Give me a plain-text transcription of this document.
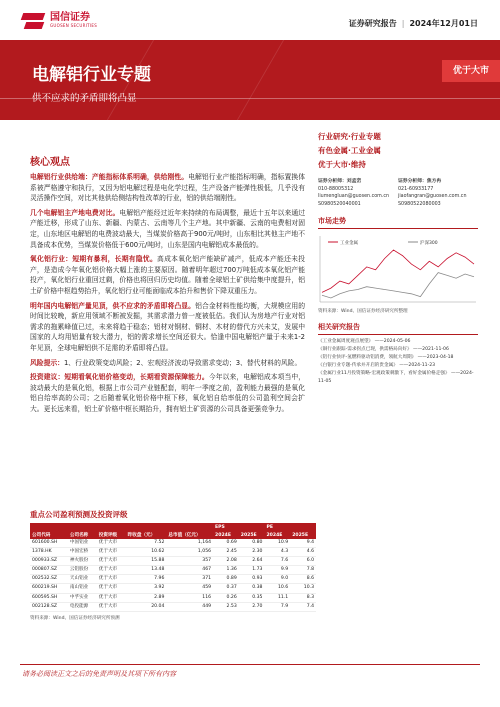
国信证券
GUOSEN SECURITIES	证券研究报告 | 2024年12月01日
电解铝行业专题
供不应求的矛盾即将凸显
优于大市
核心观点

电解铝行业供给端：产能指标体系明确，供给刚性。电解铝行业产能指标明确，指标置换体系被严格遵守和执行，又因为铝电解过程是电化学过程，生产设备产能弹性极低，几乎没有灵活操作空间，对比其他供给侧结构性改革的行业，铝的供给端刚性。

几个电解铝主产地电费对比。电解铝产能经过近年来持续的布局调整，最近十五年以来通过产能迁移，形成了山东、新疆、内蒙古、云南等几个主产地。其中新疆、云南的电费相对固定，山东地区电解铝的电费波动最大，当煤炭价格高于900元/吨时，山东相比其他主产地不具备成本优势，当煤炭价格低于600元/吨时，山东是国内电解铝成本最低的。

氧化铝行业：短期有暴利，长期有隐忧。高成本氧化铝产能缺矿减产，低成本产能还未投产，是造成今年氧化铝价格大幅上涨的主要原因。随着明年超过700万吨低成本氧化铝产能投产，氧化铝行业重回过剩，价格也将回归历史均值。随着全球铝土矿供给集中度提升，铝土矿价格中枢趋势抬升，氧化铝行业可能面临成本抬升和售价下降双重压力。

明年国内电解铝产量见顶，供不应求的矛盾即将凸显。铝合金材料性能均衡，大规模应用的时间比较晚，新应用领域不断被发掘，其需求潜力曾一度被低估。我们认为房地产行业对铝需求的拖累峰值已过，未来将趋于稳态；铝材对钢材、铜材、木材的替代方兴未艾，发展中国家的人均用铝量有较大潜力，铝的需求增长空间还很大。恰逢中国电解铝产量于未来1-2年见顶，全球电解铝供不足需的矛盾即将凸显。

风险提示：1、行业政策变动风险；2、宏观经济波动导致需求变动；3、替代材料的风险。

投资建议：短期看氧化铝价格变动，长期看资源保障能力。今年以来，电解铝成本项当中，波动最大的是氧化铝，根据上市公司产业链配套，明年一季度之前，盈利能力最强的是氧化铝自给率高的公司；之后随着氧化铝价格中枢下移，氧化铝自给率低的公司盈利空间会扩大。更长远来看，铝土矿价格中枢长期抬升，拥有铝土矿资源的公司具备更强竞争力。

行业研究·行业专题
有色金属·工业金属
优于大市·维持
证券分析师：刘孟峦
010-88005312
liumengluan@guosen.com.cn
S0980520040001
证券分析师：焦方冉
021-60933177
jiaofangran@guosen.com.cn
S0980522080003
市场走势
工业金属	沪深300
资料来源：Wind、国信证券经济研究所整理
相关研究报告
《工业金属周度观点展望》 ——2024-05-06
《铜行业跟踪-需求拐点已现，供需格局向好》 ——2021-11-06
《铝行业快评-氢燃料驱动铝消费，领航大周期》 ——2023-04-18
《白银行业专题-传承并开启的贵金属》 ——2024-11-23
《金属行业11月投资策略-宏观政策刺激下，看好金属价格走强》 ——2024-11-05
重点公司盈利预测及投资评级
					EPS		PE	
公司代码	公司名称	投资评级	昨收盘（元）	总市值（亿元）	2024E	2025E	2024E	2025E
601600.SH	中国铝业	优于大市	7.52	1,164	0.69	0.80	10.9	9.4
1378.HK	中国宏桥	优于大市	10.62	1,056	2.45	2.30	4.3	4.6
000933.SZ	神火股份	优于大市	15.88	357	2.08	2.64	7.6	6.0
000807.SZ	云铝股份	优于大市	13.48	467	1.36	1.73	9.9	7.8
002532.SZ	天山铝业	优于大市	7.96	371	0.89	0.93	9.0	8.6
600219.SH	南山铝业	优于大市	3.92	459	0.37	0.38	10.6	10.3
600595.SH	中孚实业	优于大市	2.89	116	0.26	0.35	11.1	8.3
002128.SZ	电投能源	优于大市	20.04	449	2.53	2.70	7.9	7.4
资料来源：Wind、国信证券经济研究所预测
请务必阅读正文之后的免责声明及其项下所有内容
